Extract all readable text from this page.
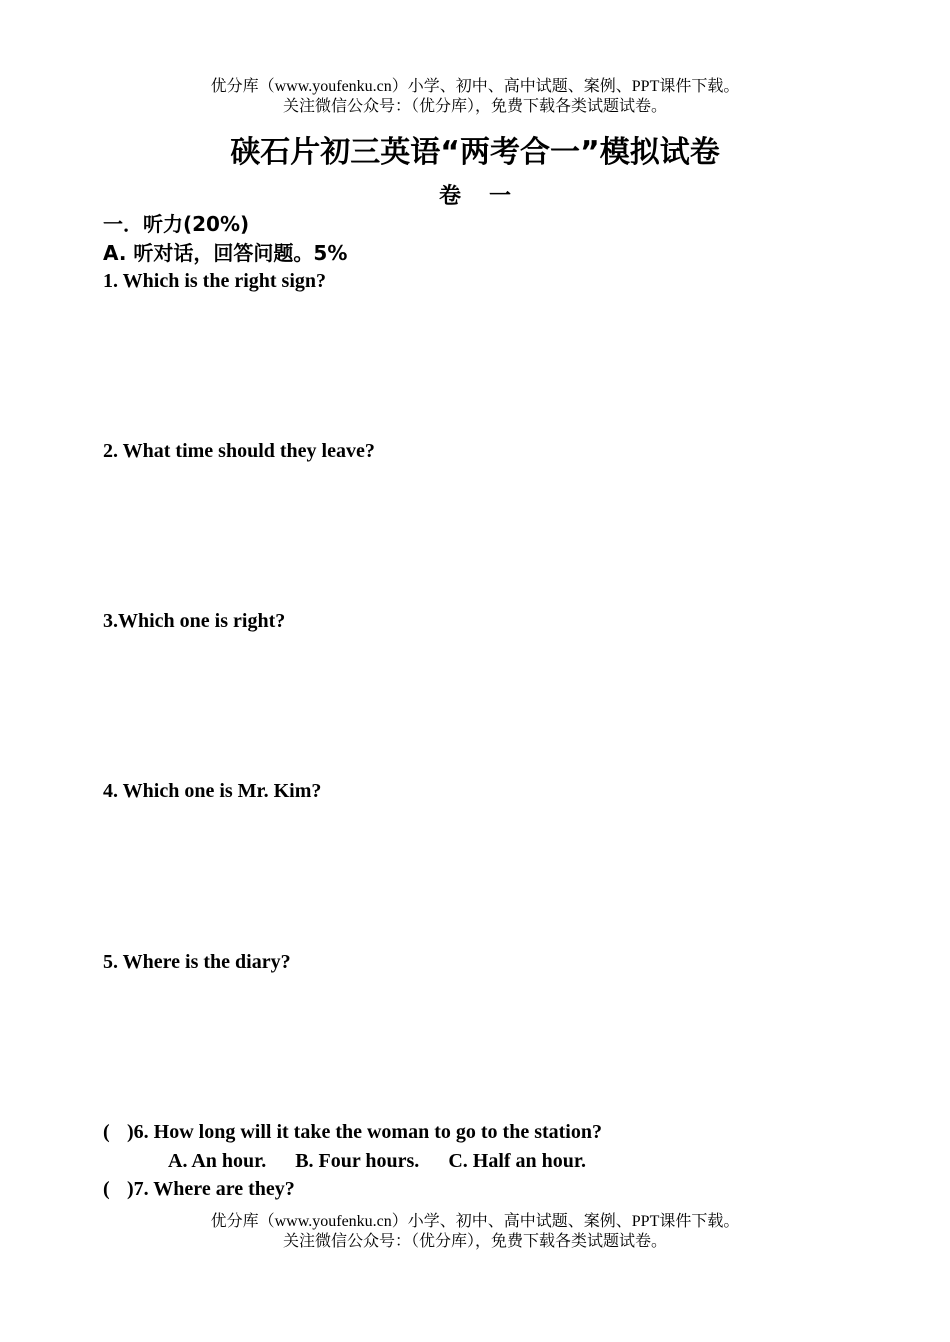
优分库（www.youfenku.cn）小学、初中、高中试题、案例、PPT课件下载。
关注微信公众号：（优分库），免费下载各类试题试卷。
硖石片初三英语“两考合一”模拟试卷
卷一
一．听力(20%)
A. 听对话，回答问题。5%
1. Which is the right sign?
2. What time should they leave?
3.Which one is right?
4. Which one is Mr. Kim?
5. Where is the diary?
( )6. How long will it take the woman to go to the station?
A. An hour. B. Four hours. C. Half an hour.
( )7. Where are they?
优分库（www.youfenku.cn）小学、初中、高中试题、案例、PPT课件下载。
关注微信公众号：（优分库），免费下载各类试题试卷。
